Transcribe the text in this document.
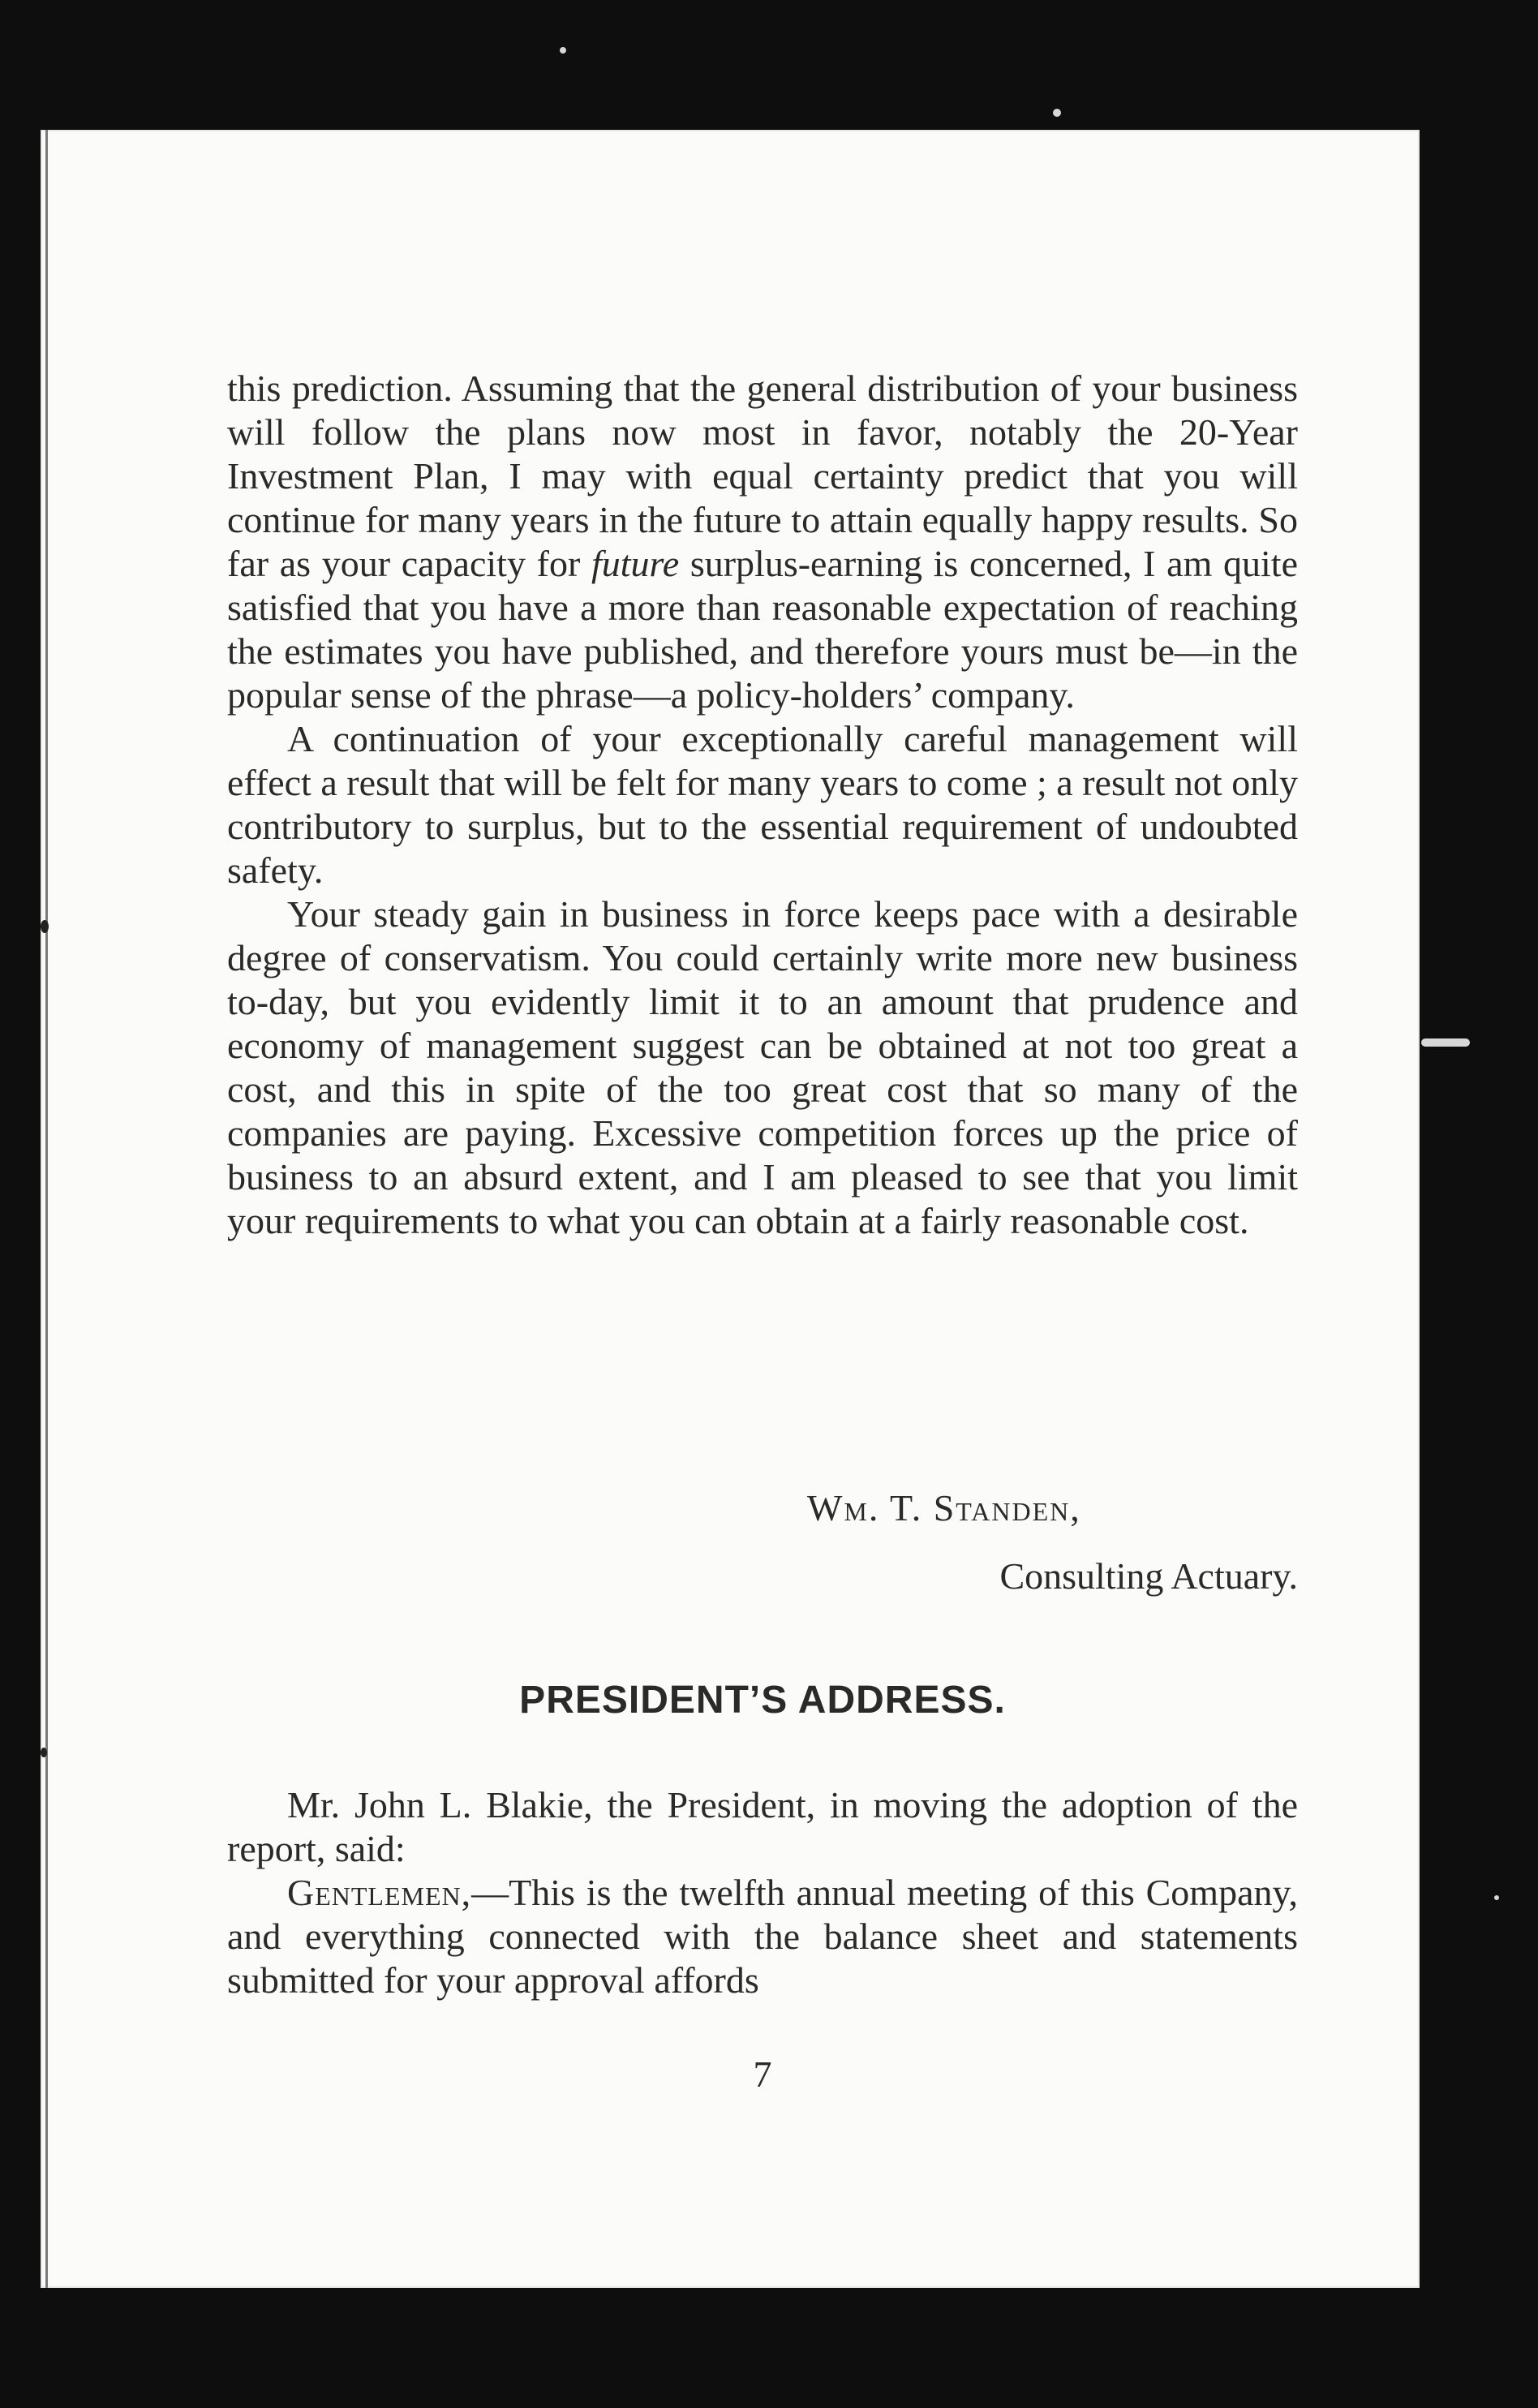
this prediction. Assuming that the general distribution of your business will follow the plans now most in favor, notably the 20-Year Investment Plan, I may with equal certainty predict that you will continue for many years in the future to attain equally happy results. So far as your capacity for future surplus-earning is concerned, I am quite satisfied that you have a more than reasonable expectation of reaching the estimates you have published, and therefore yours must be—in the popular sense of the phrase—a policy-holders’ company.

A continuation of your exceptionally careful management will effect a result that will be felt for many years to come ; a result not only contributory to surplus, but to the essential requirement of undoubted safety.

Your steady gain in business in force keeps pace with a desirable degree of conservatism. You could certainly write more new business to-day, but you evidently limit it to an amount that prudence and economy of management suggest can be obtained at not too great a cost, and this in spite of the too great cost that so many of the companies are paying. Excessive competition forces up the price of business to an absurd extent, and I am pleased to see that you limit your requirements to what you can obtain at a fairly reasonable cost.

Wm. T. Standen,
Consulting Actuary.
PRESIDENT’S ADDRESS.

Mr. John L. Blakie, the President, in moving the adoption of the report, said:

Gentlemen,—This is the twelfth annual meeting of this Company, and everything connected with the balance sheet and statements submitted for your approval affords

7
